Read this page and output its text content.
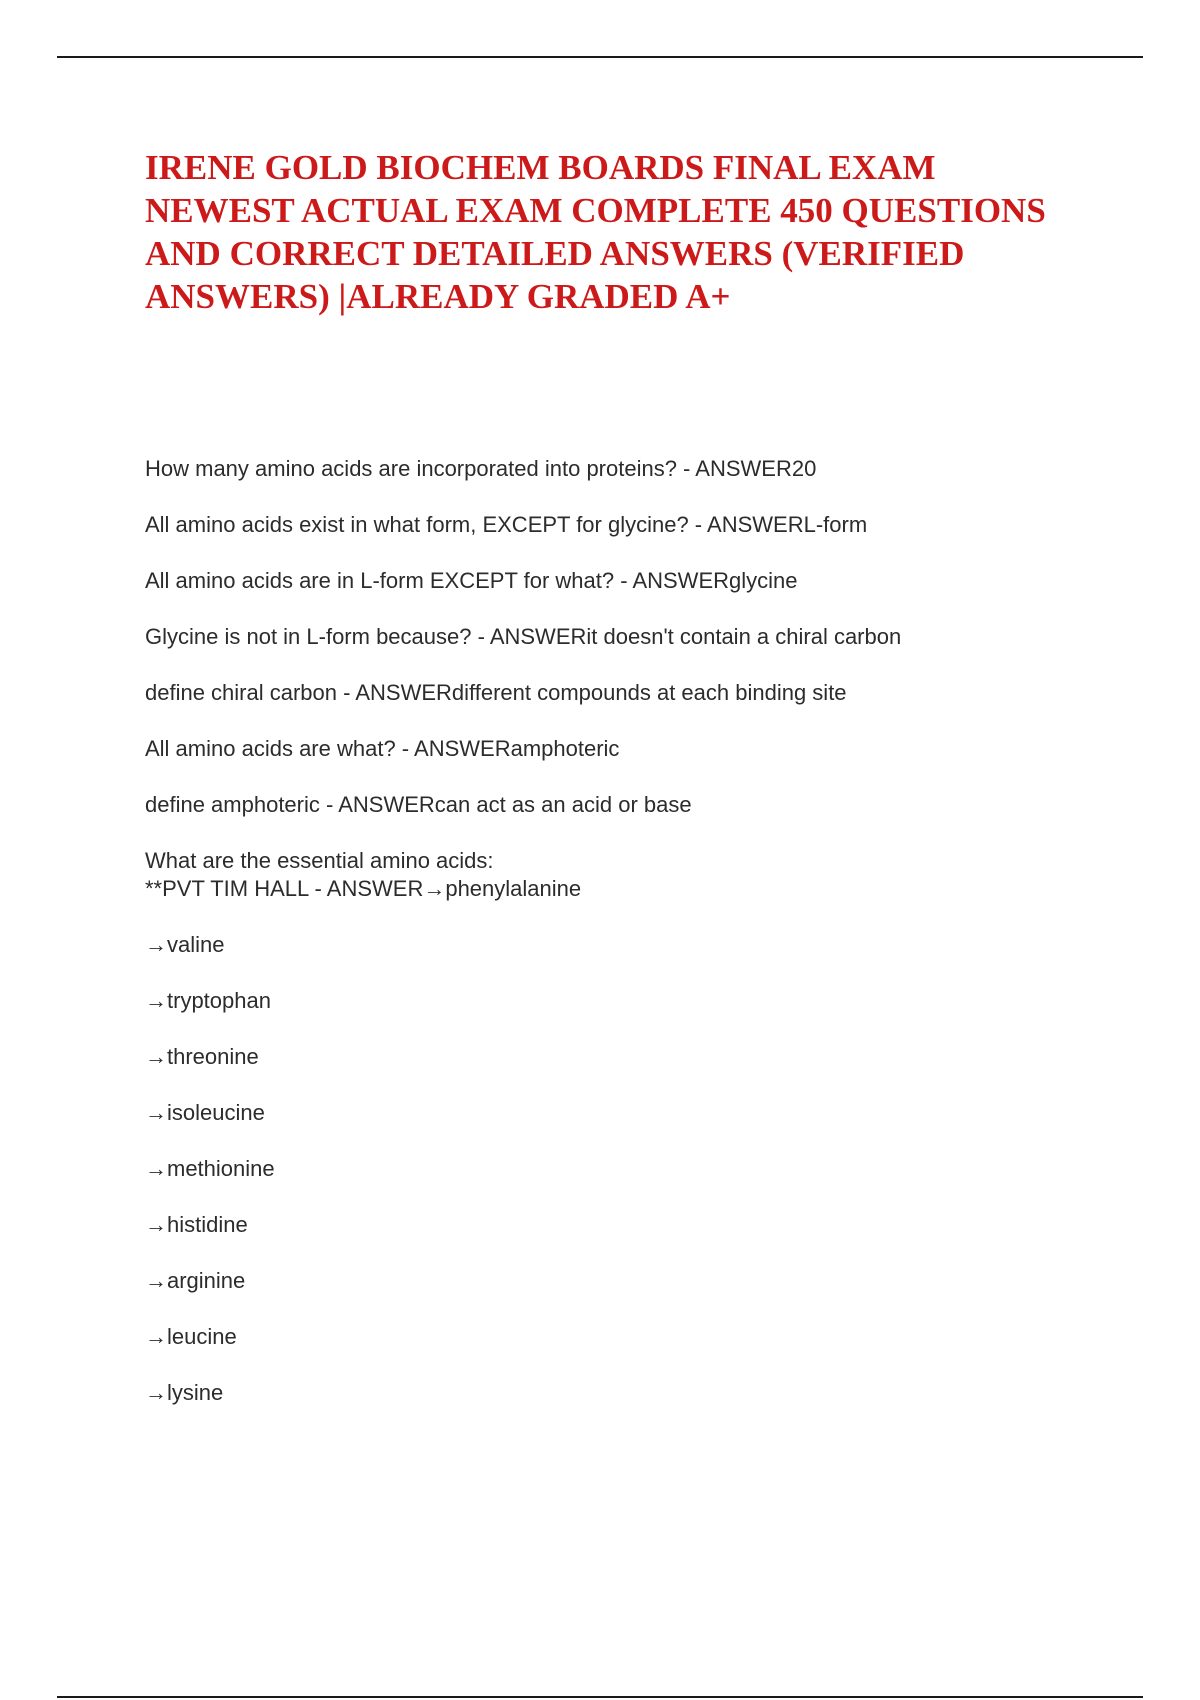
IRENE GOLD BIOCHEM BOARDS FINAL EXAM NEWEST ACTUAL EXAM COMPLETE 450 QUESTIONS AND CORRECT DETAILED ANSWERS (VERIFIED ANSWERS) |ALREADY GRADED A+

How many amino acids are incorporated into proteins? - ANSWER20

All amino acids exist in what form, EXCEPT for glycine? - ANSWERL-form

All amino acids are in L-form EXCEPT for what? - ANSWERglycine

Glycine is not in L-form because? - ANSWERit doesn't contain a chiral carbon

define chiral carbon - ANSWERdifferent compounds at each binding site

All amino acids are what? - ANSWERamphoteric

define amphoteric - ANSWERcan act as an acid or base

What are the essential amino acids:

**PVT TIM HALL - ANSWER→phenylalanine

→valine

→tryptophan

→threonine

→isoleucine

→methionine

→histidine

→arginine

→leucine

→lysine
